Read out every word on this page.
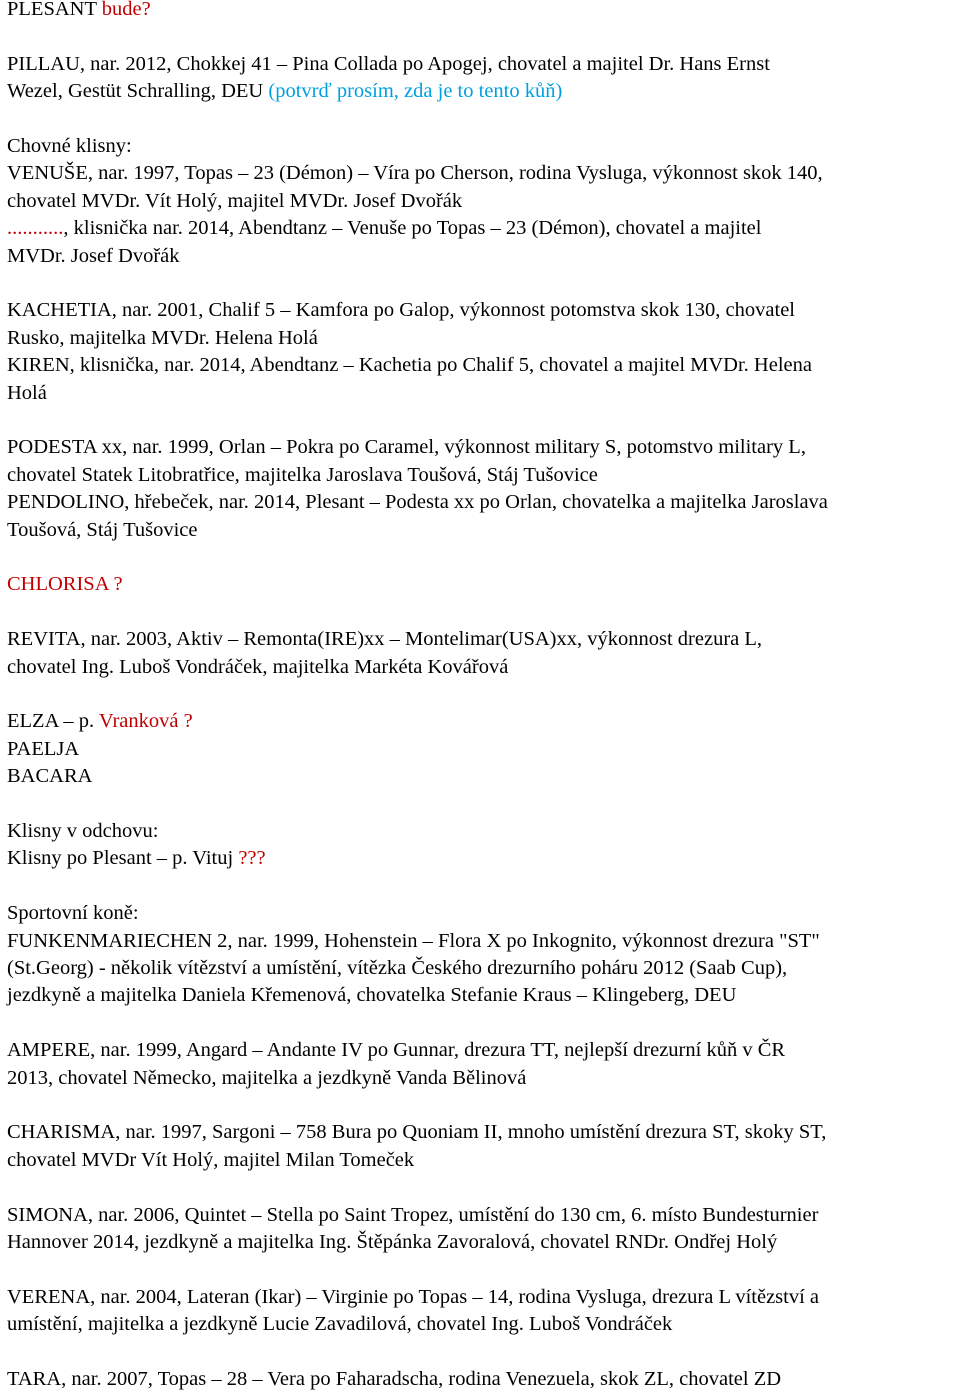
PLESANT bude?
PILLAU, nar. 2012, Chokkej 41 – Pina Collada po Apogej, chovatel a majitel Dr. Hans Ernst
Wezel, Gestüt Schralling, DEU (potvrď prosím, zda je to tento kůň)
Chovné klisny:
VENUŠE, nar. 1997, Topas – 23 (Démon) – Víra po Cherson, rodina Vysluga, výkonnost skok 140,
chovatel MVDr. Vít Holý, majitel MVDr. Josef Dvořák
..........., klisnička nar. 2014, Abendtanz – Venuše po Topas – 23 (Démon), chovatel a majitel
MVDr. Josef Dvořák
KACHETIA, nar. 2001, Chalif 5 – Kamfora po Galop, výkonnost potomstva skok 130, chovatel
Rusko, majitelka MVDr. Helena Holá
KIREN, klisnička, nar. 2014, Abendtanz – Kachetia po Chalif 5, chovatel a majitel MVDr. Helena
Holá
PODESTA xx, nar. 1999, Orlan – Pokra po Caramel, výkonnost military S, potomstvo military L,
chovatel Statek Litobratřice, majitelka Jaroslava Toušová, Stáj Tušovice
PENDOLINO, hřebeček, nar. 2014, Plesant – Podesta xx po Orlan, chovatelka a majitelka Jaroslava
Toušová, Stáj Tušovice
CHLORISA ?
REVITA, nar. 2003, Aktiv – Remonta(IRE)xx – Montelimar(USA)xx, výkonnost drezura L,
chovatel Ing. Luboš Vondráček, majitelka Markéta Kovářová
ELZA – p. Vranková ?
PAELJA
BACARA
Klisny v odchovu:
Klisny po Plesant – p. Vituj ???
Sportovní koně:
FUNKENMARIECHEN 2, nar. 1999, Hohenstein – Flora X po Inkognito, výkonnost drezura "ST"
(St.Georg) - několik vítězství a umístění, vítězka Českého drezurního poháru 2012 (Saab Cup),
jezdkyně a majitelka Daniela Křemenová, chovatelka Stefanie Kraus – Klingeberg, DEU
AMPERE, nar. 1999, Angard – Andante IV po Gunnar, drezura TT, nejlepší drezurní kůň v ČR
2013, chovatel Německo, majitelka a jezdkyně Vanda Bělinová
CHARISMA, nar. 1997, Sargoni – 758 Bura po Quoniam II, mnoho umístění drezura ST, skoky ST,
chovatel MVDr Vít Holý, majitel Milan Tomeček
SIMONA, nar. 2006, Quintet – Stella po Saint Tropez, umístění do 130 cm, 6. místo Bundesturnier
Hannover 2014, jezdkyně a majitelka Ing. Štěpánka Zavoralová, chovatel RNDr. Ondřej Holý
VERENA, nar. 2004, Lateran (Ikar) – Virginie po Topas – 14, rodina Vysluga, drezura L vítězství a
umístění, majitelka a jezdkyně Lucie Zavadilová, chovatel Ing. Luboš Vondráček
TARA, nar. 2007, Topas – 28 – Vera po Faharadscha, rodina Venezuela, skok ZL, chovatel ZD
